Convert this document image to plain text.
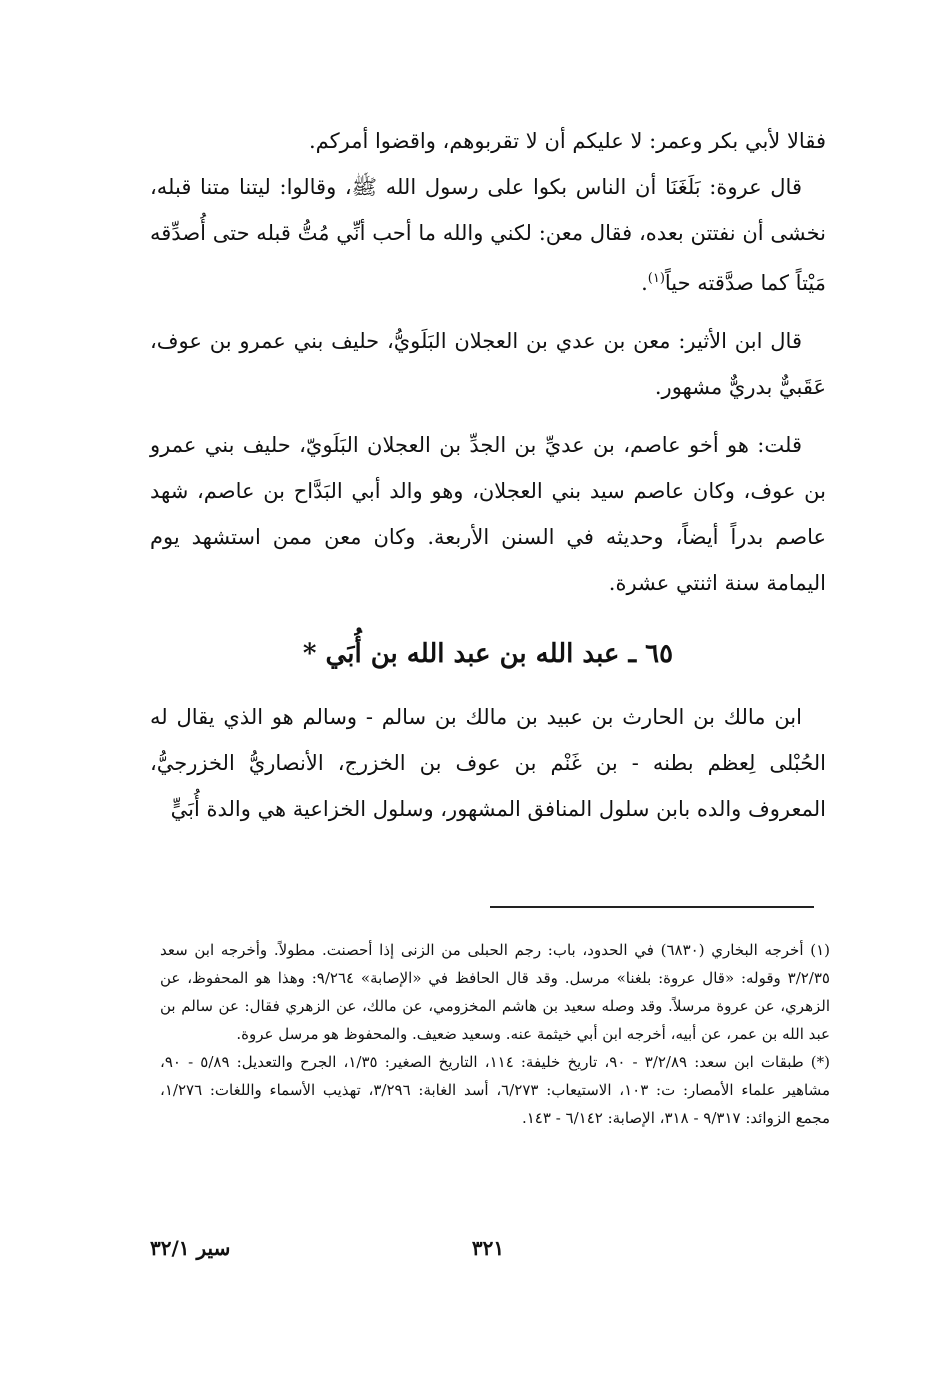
فقالا لأبي بكر وعمر: لا عليكم أن لا تقربوهم، واقضوا أمركم.

قال عروة: بَلَغَنَا أن الناس بكوا على رسول الله ﷺ، وقالوا: ليتنا متنا قبله، نخشى أن نفتتن بعده، فقال معن: لكني والله ما أحب أنِّي مُتُّ قبله حتى أُصدِّقه مَيْتاً كما صدَّقته حياً$^{(١)}$.

قال ابن الأثير: معن بن عدي بن العجلان البَلَويُّ، حليف بني عمرو بن عوف، عَقَبيٌّ بدريٌّ مشهور.

قلت: هو أخو عاصم، بن عديِّ بن الجدِّ بن العجلان البَلَويّ، حليف بني عمرو بن عوف، وكان عاصم سيد بني العجلان، وهو والد أبي البَدَّاح بن عاصم، شهد عاصم بدراً أيضاً، وحديثه في السنن الأربعة. وكان معن ممن استشهد يوم اليمامة سنة اثنتي عشرة.

٦٥ ـ عبد الله بن عبد الله بن أُبَي *

ابن مالك بن الحارث بن عبيد بن مالك بن سالم - وسالم هو الذي يقال له الحُبْلى لِعظم بطنه - بن غَنْم بن عوف بن الخزرج، الأنصاريُّ الخزرجيُّ، المعروف والده بابن سلول المنافق المشهور، وسلول الخزاعية هي والدة أُبَيٍّ

(١) أخرجه البخاري (٦٨٣٠) في الحدود، باب: رجم الحبلى من الزنى إذا أحصنت. مطولاً. وأخرجه ابن سعد ٣/٢/٣٥ وقوله: «قال عروة: بلغنا» مرسل. وقد قال الحافظ في «الإصابة» ٩/٢٦٤: وهذا هو المحفوظ، عن الزهري، عن عروة مرسلاً. وقد وصله سعيد بن هاشم المخزومي، عن مالك، عن الزهري فقال: عن سالم بن عبد الله بن عمر، عن أبيه، أخرجه ابن أبي خيثمة عنه. وسعيد ضعيف. والمحفوظ هو مرسل عروة.

(*) طبقات ابن سعد: ٣/٢/٨٩ - ٩٠، تاريخ خليفة: ١١٤، التاريخ الصغير: ١/٣٥، الجرح والتعديل: ٥/٨٩ - ٩٠، مشاهير علماء الأمصار: ت: ١٠٣، الاستيعاب: ٦/٢٧٣، أسد الغابة: ٣/٢٩٦، تهذيب الأسماء واللغات: ١/٢٧٦، مجمع الزوائد: ٩/٣١٧ - ٣١٨، الإصابة: ٦/١٤٢ - ١٤٣.

٣٢١
سير ٣٢/١
